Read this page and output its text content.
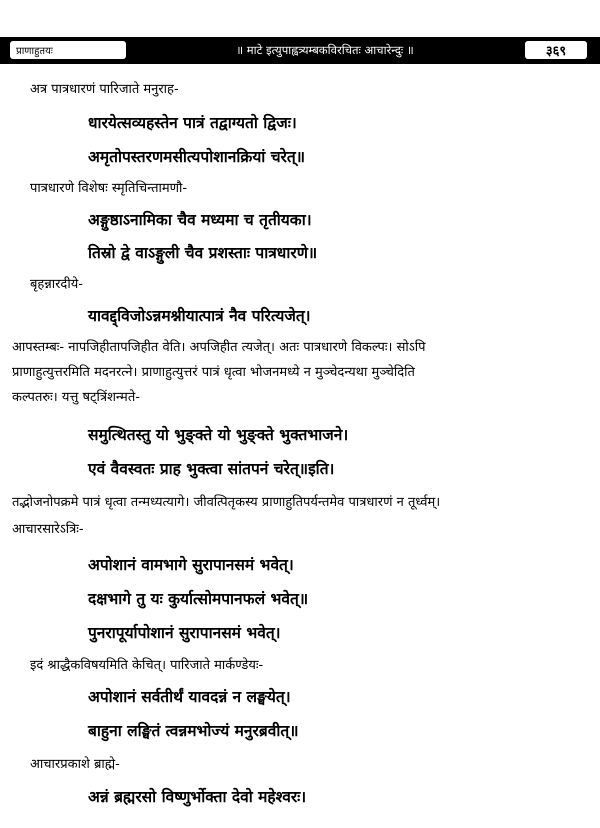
प्राणाहुतयः	॥ माटे इत्युपाह्वत्र्यम्बकविरचितः आचारेन्दुः ॥	३६९
अत्र पात्रधारणं पारिजाते मनुराह-
धारयेत्सव्यहस्तेन पात्रं तद्वाग्यतो द्विजः।
अमृतोपस्तरणमसीत्यपोशानक्रियां चरेत्॥
पात्रधारणे विशेषः स्मृतिचिन्तामणौ-
अङ्गुष्ठाऽनामिका चैव मध्यमा च तृतीयका।
तिस्रो द्वे वाऽङ्गुली चैव प्रशस्ताः पात्रधारणे॥
बृहन्नारदीये-
यावद्द्विजोऽन्नमश्नीयात्पात्रं नैव परित्यजेत्।
आपस्तम्बः- नापजिहीतापजिहीत वेति। अपजिहीत त्यजेत्। अतः पात्रधारणे विकल्पः। सोऽपि
प्राणाहुत्युत्तरमिति मदनरत्ने। प्राणाहुत्युत्तरं पात्रं धृत्वा भोजनमध्ये न मुञ्चेदन्यथा मुञ्चेदिति
कल्पतरुः। यत्तु षट्त्रिंशन्मते-
समुत्थितस्तु यो भुङ्क्ते यो भुङ्क्ते भुक्तभाजने।
एवं वैवस्वतः प्राह भुक्त्वा सांतपनं चरेत्॥इति।
तद्भोजनोपक्रमे पात्रं धृत्वा तन्मध्यत्यागे। जीवत्पितृकस्य प्राणाहुतिपर्यन्तमेव पात्रधारणं न तूर्ध्वम्।
आचारसारेऽत्रिः-
अपोशानं वामभागे सुरापानसमं भवेत्।
दक्षभागे तु यः कुर्यात्सोमपानफलं भवेत्॥
पुनरापूर्यापोशानं सुरापानसमं भवेत्।
इदं श्राद्धैकविषयमिति केचित्। पारिजाते मार्कण्डेयः-
अपोशानं सर्वतीर्थं यावदन्नं न लङ्घयेत्।
बाहुना लङ्घितं त्वन्नमभोज्यं मनुरब्रवीत्॥
आचारप्रकाशे ब्राह्मे-
अन्नं ब्रह्मरसो विष्णुर्भोक्ता देवो महेश्वरः।
